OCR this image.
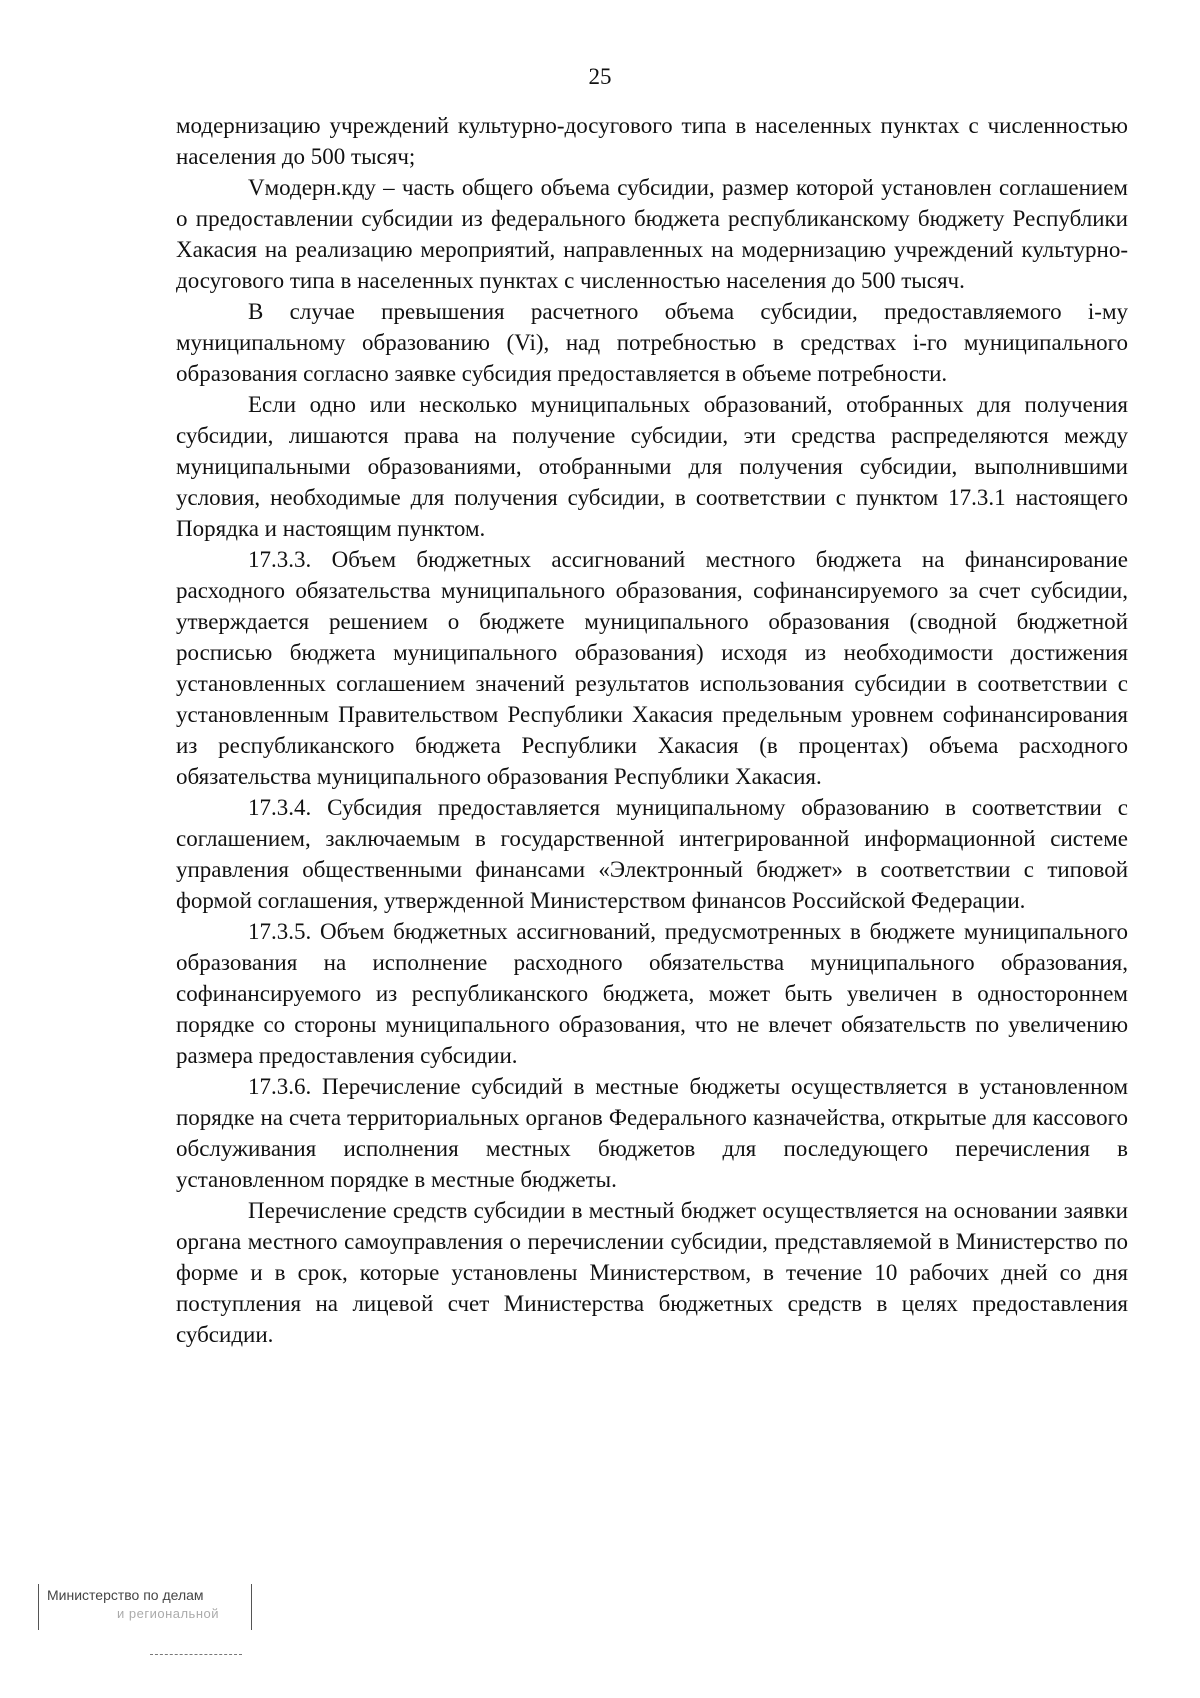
25

модернизацию учреждений культурно-досугового типа в населенных пунктах с численностью населения до 500 тысяч;

Vмодерн.кду – часть общего объема субсидии, размер которой установлен соглашением о предоставлении субсидии из федерального бюджета республиканскому бюджету Республики Хакасия на реализацию мероприятий, направленных на модернизацию учреждений культурно-досугового типа в населенных пунктах с численностью населения до 500 тысяч.

В случае превышения расчетного объема субсидии, предоставляемого i-му муниципальному образованию (Vi), над потребностью в средствах i-го муниципального образования согласно заявке субсидия предоставляется в объеме потребности.

Если одно или несколько муниципальных образований, отобранных для получения субсидии, лишаются права на получение субсидии, эти средства распределяются между муниципальными образованиями, отобранными для получения субсидии, выполнившими условия, необходимые для получения субсидии, в соответствии с пунктом 17.3.1 настоящего Порядка и настоящим пунктом.

17.3.3. Объем бюджетных ассигнований местного бюджета на финансирование расходного обязательства муниципального образования, софинансируемого за счет субсидии, утверждается решением о бюджете муниципального образования (сводной бюджетной росписью бюджета муниципального образования) исходя из необходимости достижения установленных соглашением значений результатов использования субсидии в соответствии с установленным Правительством Республики Хакасия предельным уровнем софинансирования из республиканского бюджета Республики Хакасия (в процентах) объема расходного обязательства муниципального образования Республики Хакасия.

17.3.4. Субсидия предоставляется муниципальному образованию в соответствии с соглашением, заключаемым в государственной интегрированной информационной системе управления общественными финансами «Электронный бюджет» в соответствии с типовой формой соглашения, утвержденной Министерством финансов Российской Федерации.

17.3.5. Объем бюджетных ассигнований, предусмотренных в бюджете муниципального образования на исполнение расходного обязательства муниципального образования, софинансируемого из республиканского бюджета, может быть увеличен в одностороннем порядке со стороны муниципального образования, что не влечет обязательств по увеличению размера предоставления субсидии.

17.3.6. Перечисление субсидий в местные бюджеты осуществляется в установленном порядке на счета территориальных органов Федерального казначейства, открытые для кассового обслуживания исполнения местных бюджетов для последующего перечисления в установленном порядке в местные бюджеты.

Перечисление средств субсидии в местный бюджет осуществляется на основании заявки органа местного самоуправления о перечислении субсидии, представляемой в Министерство по форме и в срок, которые установлены Министерством, в течение 10 рабочих дней со дня поступления на лицевой счет Министерства бюджетных средств в целях предоставления субсидии.

Министерство по делам
и региональной
